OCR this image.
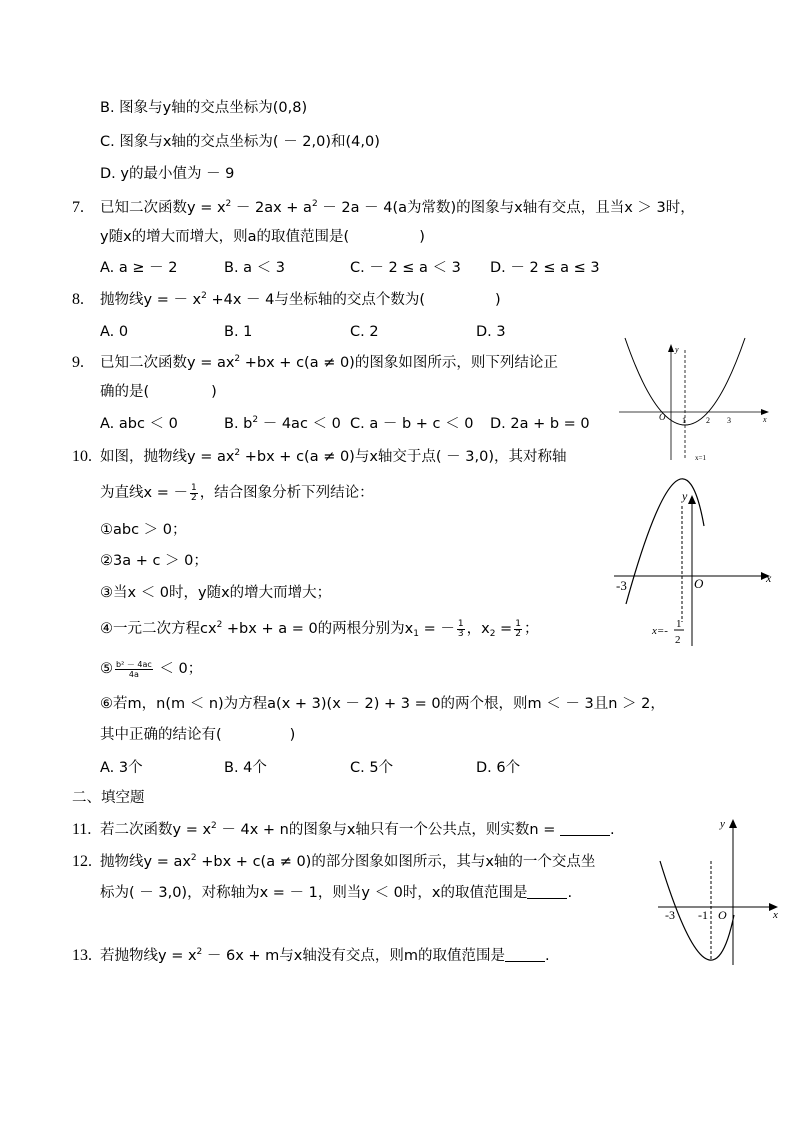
B. 图象与y轴的交点坐标为(0,8)
C. 图象与x轴的交点坐标为( － 2,0)和(4,0)
D. y的最小值为 － 9
7. 已知二次函数$y = x^2 - 2ax + a^2 - 2a - 4(a$为常数)的图象与x轴有交点，且当x ＞ 3时，
y随x的增大而增大，则a的取值范围是(	)
A. a ≥ － 2	B. a ＜ 3	C. － 2 ≤ a ＜ 3 D. － 2 ≤ a ≤ 3
8. 抛物线y = － $x^2 +4x - 4$与坐标轴的交点个数为(	)
A. 0	B. 1	C. 2	D. 3
9. 已知二次函数$y = ax^2 +bx + c(a \ne 0)$的图象如图所示，则下列结论正
确的是(	)
A. abc ＜ 0	B. $b^2 - 4ac < 0$ C. a － b + c ＜ 0 D. 2a + b = 0	O 1	2 3	x
y
x=1
10. 如图，抛物线$y = ax^2 +bx + c(a \ne 0)$与x轴交于点( － 3,0)，其对称轴
为直线x = － $\frac{1}{2}$ ，结合图象分析下列结论：
①abc ＞ 0；
②3a + c ＞ 0；
③当x ＜ 0时，y随x的增大而增大；
④一元二次方程$cx^2 +bx + a = 0$的两根分别为$x_1$ = － $\frac{1}{3}$ ，$x_2 = \frac{1}{2}$ ；
⑤ $\frac{\text{b² － 4ac}}{4a} < 0$；
⑥若m，n(m ＜ n)为方程a(x + 3)(x － 2) + 3 = 0的两个根，则m ＜ － 3且n ＞ 2，
其中正确的结论有(	)
A. 3个	B. 4个	C. 5个	D. 6个
-3	O	x
y
x=-
1
2
二、填空题
11. 若二次函数$y = x^2 - 4x + n$的图象与x轴只有一个公共点，则实数n =	.
12. 抛物线$y = ax^2 +bx + c(a \ne 0)$的部分图象如图所示，其与x轴的一个交点坐
标为( － 3,0)，对称轴为x = － 1，则当y ＜ 0时，x的取值范围是	.
-3 -1 O	x
y
13. 若抛物线$y = x^2 - 6x + m$与x轴没有交点，则m的取值范围是	.
